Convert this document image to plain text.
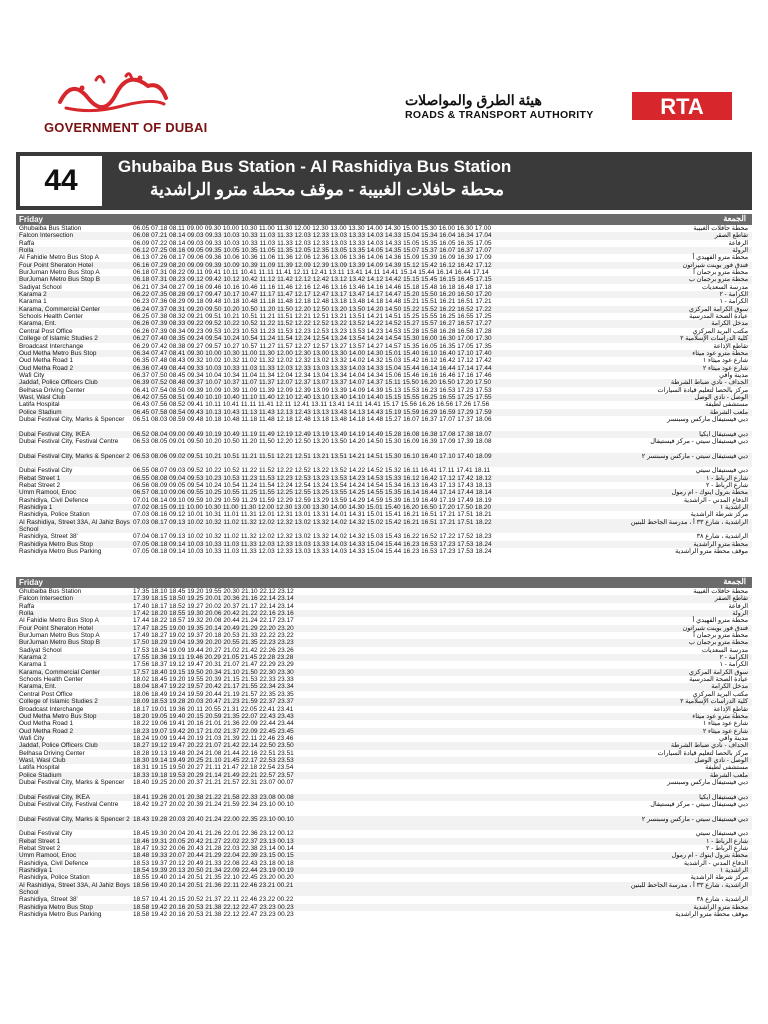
GOVERNMENT OF DUBAI
هيئة الطرق والمواصلات
ROADS & TRANSPORT AUTHORITY	RTA
44	Ghubaiba Bus Station - Al Rashidiya Bus Station
محطة حافلات الغبيبة - موقف محطة مترو الراشدية
Friday	الجمعة
Ghubaiba Bus Station	06.05 07.18 08.11 09.00 09.30 10.00 10.30 11.00 11.30 12.00 12.30 13.00 13.30 14.00 14.30 15.00 15.30 16.00 16.30 17.00	محطة حافلات الغبيبة
Falcon Intersection	06.08 07.21 08.14 09.03 09.33 10.03 10.33 11.03 11.33 12.03 12.33 13.03 13.33 14.03 14.33 15.04 15.34 16.04 16.34 17.04	تقاطع الصقر
Raffa	06.09 07.22 08.14 09.03 09.33 10.03 10.33 11.03 11.33 12.03 12.33 13.03 13.33 14.03 14.33 15.05 15.35 16.05 16.35 17.05	الرفاعة
Rolla	06.12 07.25 08.16 09.05 09.35 10.05 10.35 11.05 11.35 12.05 12.35 13.05 13.35 14.05 14.35 15.07 15.37 16.07 16.37 17.07	الرولة
Al Fahidie Metro Bus Stop A	06.13 07.26 08.17 09.06 09.36 10.06 10.36 11.06 11.36 12.06 12.36 13.06 13.36 14.06 14.36 15.09 15.39 16.09 16.39 17.09	محطة مترو الفهيدي أ
Four Point Sheraton Hotel	06.16 07.29 08.20 09.09 09.39 10.09 10.39 11.09 11.39 12.09 12.39 13.09 13.39 14.09 14.39 15.12 15.42 16.12 16.42 17.12	فندق فور بوينت شيراتون
BurJuman Metro Bus Stop A	06.18 07.31 08.22 09.11 09.41 10.11 10.41 11.11 11.41 12.11 12.41 13.11 13.41 14.11 14.41 15.14 15.44 16.14 16.44 17.14	محطة مترو برجمان أ
BurJuman Metro Bus Stop B	06.18 07.31 08.23 09.12 09.42 10.12 10.42 11.12 11.42 12.12 12.42 13.12 13.42 14.12 14.42 15.15 15.45 16.15 16.45 17.15	محطة مترو برجمان ب
Sadiyat School	06.21 07.34 08.27 09.16 09.46 10.16 10.46 11.16 11.46 12.16 12.46 13.16 13.46 14.16 14.46 15.18 15.48 16.18 16.48 17.18	مدرسة السعديات
Karama 2	06.22 07.35 08.28 09.17 09.47 10.17 10.47 11.17 11.47 12.17 12.47 13.17 13.47 14.17 14.47 15.20 15.50 16.20 16.50 17.20	الكرامة - ٢
Karama 1	06.23 07.36 08.29 09.18 09.48 10.18 10.48 11.18 11.48 12.18 12.48 13.18 13.48 14.18 14.48 15.21 15.51 16.21 16.51 17.21	الكرامة - ١
Karama, Commercial Center	06.24 07.37 08.31 09.20 09.50 10.20 10.50 11.20 11.50 12.20 12.50 13.20 13.50 14.20 14.50 15.22 15.52 16.22 16.52 17.22	سوق الكرامة المركزي
Schools Health Center	06.25 07.38 08.32 09.21 09.51 10.21 10.51 11.21 11.51 12.21 12.51 13.21 13.51 14.21 14.51 15.25 15.55 16.25 16.55 17.25	عيادة الصحة المدرسية
Karama, Ent.	06.26 07.39 08.33 09.22 09.52 10.22 10.52 11.22 11.52 12.22 12.52 13.22 13.52 14.22 14.52 15.27 15.57 16.27 16.57 17.27	مدخل الكرامة
Central Post Office	06.26 07.39 08.34 09.23 09.53 10.23 10.53 11.23 11.53 12.23 12.53 13.23 13.53 14.23 14.53 15.28 15.58 16.28 16.58 17.28	مكتب البريد المركزي
College of Islamic Studies 2	06.27 07.40 08.35 09.24 09.54 10.24 10.54 11.24 11.54 12.24 12.54 13.24 13.54 14.24 14.54 15.30 16.00 16.30 17.00 17.30	كلية الدراسات الإسلامية ٢
Broadcast Interchange	06.29 07.42 08.38 09.27 09.57 10.27 10.57 11.27 11.57 12.27 12.57 13.27 13.57 14.27 14.57 15.35 16.05 16.35 17.05 17.35	تقاطع الإذاعة
Oud Metha Metro Bus Stop	06.34 07.47 08.41 09.30 10.00 10.30 11.00 11.30 12.00 12.30 13.00 13.30 14.00 14.30 15.01 15.40 16.10 16.40 17.10 17.40	محطة مترو عود ميثاء
Oud Metha Road 1	06.35 07.48 08.43 09.32 10.02 10.32 11.02 11.32 12.02 12.32 13.02 13.32 14.02 14.32 15.03 15.42 16.12 16.42 17.12 17.42	شارع عود ميثاء ١
Oud Metha Road 2	06.36 07.49 08.44 09.33 10.03 10.33 11.03 11.33 12.03 12.33 13.03 13.33 14.03 14.33 15.04 15.44 16.14 16.44 17.14 17.44	شارع عود ميثاء ٢
Wafi City	06.37 07.50 08.45 09.34 10.04 10.34 11.04 11.34 12.04 12.34 13.04 13.34 14.04 14.34 15.06 15.46 16.16 16.46 17.16 17.46	مدينة وافي
Jaddaf, Police Officers Club	06.39 07.52 08.48 09.37 10.07 10.37 11.07 11.37 12.07 12.37 13.07 13.37 14.07 14.37 15.11 15.50 16.20 16.50 17.20 17.50	الجداف - نادي ضباط الشرطة
Belhasa Driving Center	06.41 07.54 08.50 09.39 10.09 10.39 11.09 11.39 12.09 12.39 13.09 13.39 14.09 14.39 15.13 15.53 16.23 16.53 17.23 17.53	مركز بالحصا لتعليم قيادة السيارات
Wasl, Wasl Club	06.42 07.55 08.51 09.40 10.10 10.40 11.10 11.40 12.10 12.40 13.10 13.40 14.10 14.40 15.15 15.55 16.25 16.55 17.25 17.55	الوصل - نادي الوصل
Latifa Hospital	06.43 07.56 08.52 09.41 10.11 10.41 11.11 11.41 12.11 12.41 13.11 13.41 14.11 14.41 15.17 15.56 16.26 16.56 17.26 17.56	مستشفى لطيفة
Police Stadium	06.45 07.58 08.54 09.43 10.13 10.43 11.13 11.43 12.13 12.43 13.13 13.43 14.13 14.43 15.19 15.59 16.29 16.59 17.29 17.59	ملعب الشرطة
Dubai Festival City, Marks & Spencer	06.51 08.03 08.59 09.48 10.18 10.48 11.18 11.48 12.18 12.48 13.18 13.48 14.18 14.48 15.27 16.07 16.37 17.07 17.37 18.06	دبي فيستيفال ماركس وسبنسر
Dubai Festival City, IKEA	06.52 08.04 09.00 09.49 10.19 10.49 11.19 11.49 12.19 12.49 13.19 13.49 14.19 14.49 15.28 16.08 16.38 17.08 17.38 18.07	دبي فيستيفال ايكيا
Dubai Festival City, Festival Centre	06.53 08.05 09.01 09.50 10.20 10.50 11.20 11.50 12.20 12.50 13.20 13.50 14.20 14.50 15.30 16.09 16.39 17.09 17.39 18.08	دبي فيستيفال سيتي - مركز فيستيفال
Dubai Festival City, Marks & Spencer 2 06.53 08.06 09.02 09.51 10.21 10.51 11.21 11.51 12.21 12.51 13.21 13.51 14.21 14.51 15.30 16.10 16.40 17.10 17.40 18.09	دبي فيستيفال سيتي - ماركس وسبنسر ٢
Dubai Festival City	06.55 08.07 09.03 09.52 10.22 10.52 11.22 11.52 12.22 12.52 13.22 13.52 14.22 14.52 15.32 16.11 16.41 17.11 17.41 18.11	دبي فيستيفال سيتي
Rebat Street 1	06.55 08.08 09.04 09.53 10.23 10.53 11.23 11.53 12.23 12.53 13.23 13.53 14.23 14.53 15.33 16.12 16.42 17.12 17.42 18.12	شارع الرباط - ١
Rebat Street 2	06.56 08.09 09.05 09.54 10.24 10.54 11.24 11.54 12.24 12.54 13.24 13.54 14.24 14.54 15.34 16.13 16.43 17.13 17.43 18.13	شارع الرباط - ٢
Umm Ramool, Enoc	06.57 08.10 09.06 09.55 10.25 10.55 11.25 11.55 12.25 12.55 13.25 13.55 14.25 14.55 15.35 16.14 16.44 17.14 17.44 18.14	محطة بترول اينوك - ام رمول
Rashidiya, Civil Defence	07.01 08.14 09.10 09.59 10.29 10.59 11.29 11.59 12.29 12.59 13.29 13.59 14.29 14.59 15.39 16.19 16.49 17.19 17.49 18.19	الدفاع المدني - الراشدية
Rashidiya 1	07.02 08.15 09.11 10.00 10.30 11.00 11.30 12.00 12.30 13.00 13.30 14.00 14.30 15.01 15.40 16.20 16.50 17.20 17.50 18.20	الراشدية ١
Rashidiya, Police Station	07.03 08.16 09.12 10.01 10.31 11.01 11.31 12.01 12.31 13.01 13.31 14.01 14.31 15.01 15.41 16.21 16.51 17.21 17.51 18.21	مركز شرطة الراشدية
Al Rashidiya, Street 33A, Al Jahiz Boys School
07.03 08.17 09.13 10.02 10.32 11.02 11.32 12.02 12.32 13.02 13.32 14.02 14.32 15.02 15.42 16.21 16.51 17.21 17.51 18.22	الراشدية ، شارع ٣٣ أ ، مدرسة الجاحظ للبنين
Rashidiya, Street 38'	07.04 08.17 09.13 10.02 10.32 11.02 11.32 12.02 12.32 13.02 13.32 14.02 14.32 15.03 15.43 16.22 16.52 17.22 17.52 18.23	الراشدية ، شارع ٣٨
Rashidiya Metro Bus Stop	07.05 08.18 09.14 10.03 10.33 11.03 11.33 12.03 12.33 13.03 13.33 14.03 14.33 15.04 15.44 16.23 16.53 17.23 17.53 18.24	محطة مترو الراشدية
Rashidiya Metro Bus Parking	07.05 08.18 09.14 10.03 10.33 11.03 11.33 12.03 12.33 13.03 13.33 14.03 14.33 15.04 15.44 16.23 16.53 17.23 17.53 18.24	موقف محطة مترو الراشدية
Friday	الجمعة
Ghubaiba Bus Station	17.35 18.10 18.45 19.20 19.55 20.30 21.10 22.12 23.12	محطة حافلات الغبيبة
Falcon Intersection	17.39 18.15 18.50 19.25 20.01 20.36 21.16 22.14 23.14	تقاطع الصقر
Raffa	17.40 18.17 18.52 19.27 20.02 20.37 21.17 22.14 23.14	الرفاعة
Rolla	17.42 18.20 18.55 19.30 20.06 20.42 21.22 22.16 23.16	الرولة
Al Fahidie Metro Bus Stop A	17.44 18.22 18.57 19.32 20.08 20.44 21.24 22.17 23.17	محطة مترو الفهيدي أ
Four Point Sheraton Hotel	17.47 18.25 19.00 19.35 20.14 20.49 21.29 22.20 23.20	فندق فور بوينت شيراتون
BurJuman Metro Bus Stop A	17.49 18.27 19.02 19.37 20.18 20.53 21.33 22.22 23.22	محطة مترو برجمان أ
BurJuman Metro Bus Stop B	17.50 18.29 19.04 19.39 20.20 20.55 21.35 22.23 23.23	محطة مترو برجمان ب
Sadiyat School	17.53 18.34 19.09 19.44 20.27 21.02 21.42 22.26 23.26	مدرسة السعديات
Karama 2	17.55 18.36 19.11 19.46 20.29 21.05 21.45 22.28 23.28	الكرامة - ٢
Karama 1	17.56 18.37 19.12 19.47 20.31 21.07 21.47 22.29 23.29	الكرامة - ١
Karama, Commercial Center	17.57 18.40 19.15 19.50 20.34 21.10 21.50 22.30 23.30	سوق الكرامة المركزي
Schools Health Center	18.02 18.45 19.20 19.55 20.39 21.15 21.53 22.33 23.33	عيادة الصحة المدرسية
Karama, Ent.	18.04 18.47 19.22 19.57 20.42 21.17 21.55 22.34 23.34	مدخل الكرامة
Central Post Office	18.06 18.49 19.24 19.59 20.44 21.19 21.57 22.35 23.35	مكتب البريد المركزي
College of Islamic Studies 2	18.09 18.53 19.28 20.03 20.47 21.23 21.59 22.37 23.37	كلية الدراسات الإسلامية ٢
Broadcast Interchange	18.17 19.01 19.36 20.11 20.55 21.31 22.05 22.41 23.41	تقاطع الإذاعة
Oud Metha Metro Bus Stop	18.20 19.05 19.40 20.15 20.59 21.35 22.07 22.43 23.43	محطة مترو عود ميثاء
Oud Metha Road 1	18.22 19.06 19.41 20.16 21.01 21.36 22.09 22.44 23.44	شارع عود ميثاء ١
Oud Metha Road 2	18.23 19.07 19.42 20.17 21.02 21.37 22.09 22.45 23.45	شارع عود ميثاء ٢
Wafi City	18.24 19.09 19.44 20.19 21.03 21.39 22.11 22.46 23.46	مدينة وافي
Jaddaf, Police Officers Club	18.27 19.12 19.47 20.22 21.07 21.42 22.14 22.50 23.50	الجداف - نادي ضباط الشرطة
Belhasa Driving Center	18.28 19.13 19.48 20.24 21.08 21.44 22.16 22.51 23.51	مركز بالحصا لتعليم قيادة السيارات
Wasl, Wasl Club	18.30 19.14 19.49 20.25 21.10 21.45 22.17 22.53 23.53	الوصل - نادي الوصل
Latifa Hospital	18.31 19.15 19.50 20.27 21.11 21.47 22.18 22.54 23.54	مستشفى لطيفة
Police Stadium	18.33 19.18 19.53 20.29 21.14 21.49 22.21 22.57 23.57	ملعب الشرطة
Dubai Festival City, Marks & Spencer	18.40 19.25 20.00 20.37 21.21 21.57 22.31 23.07 00.07	دبي فيستيفال ماركس وسبنسر
Dubai Festival City, IKEA	18.41 19.26 20.01 20.38 21.22 21.58 22.33 23.08 00.08	دبي فيستيفال ايكيا
Dubai Festival City, Festival Centre	18.42 19.27 20.02 20.39 21.24 21.59 22.34 23.10 00.10	دبي فيستيفال سيتي - مركز فيستيفال
Dubai Festival City, Marks & Spencer 2 18.43 19.28 20.03 20.40 21.24 22.00 22.35 23.10 00.10	دبي فيستيفال سيتي - ماركس وسبنسر ٢
Dubai Festival City	18.45 19.30 20.04 20.41 21.26 22.01 22.36 23.12 00.12	دبي فيستيفال سيتي
Rebat Street 1	18.46 19.31 20.05 20.42 21.27 22.02 22.37 23.13 00.13	شارع الرباط - ١
Rebat Street 2	18.47 19.32 20.06 20.43 21.28 22.03 22.38 23.14 00.14	شارع الرباط - ٢
Umm Ramool, Enoc	18.48 19.33 20.07 20.44 21.29 22.04 22.39 23.15 00.15	محطة بترول اينوك - ام رمول
Rashidiya, Civil Defence	18.53 19.37 20.12 20.49 21.33 22.08 22.43 23.18 00.18	الدفاع المدني - الراشدية
Rashidiya 1	18.54 19.39 20.13 20.50 21.34 22.09 22.44 23.19 00.19	الراشدية ١
Rashidiya, Police Station	18.55 19.40 20.14 20.51 21.35 22.10 22.45 23.20 00.20	مركز شرطة الراشدية
Al Rashidiya, Street 33A, Al Jahiz Boys School
18.56 19.40 20.14 20.51 21.36 22.11 22.46 23.21 00.21	الراشدية ، شارع ٣٣ أ ، مدرسة الجاحظ للبنين
Rashidiya, Street 38'	18.57 19.41 20.15 20.52 21.37 22.11 22.46 23.22 00.22	الراشدية ، شارع ٣٨
Rashidiya Metro Bus Stop	18.58 19.42 20.16 20.53 21.38 22.12 22.47 23.23 00.23	محطة مترو الراشدية
Rashidiya Metro Bus Parking	18.58 19.42 20.16 20.53 21.38 22.12 22.47 23.23 00.23	موقف محطة مترو الراشدية
